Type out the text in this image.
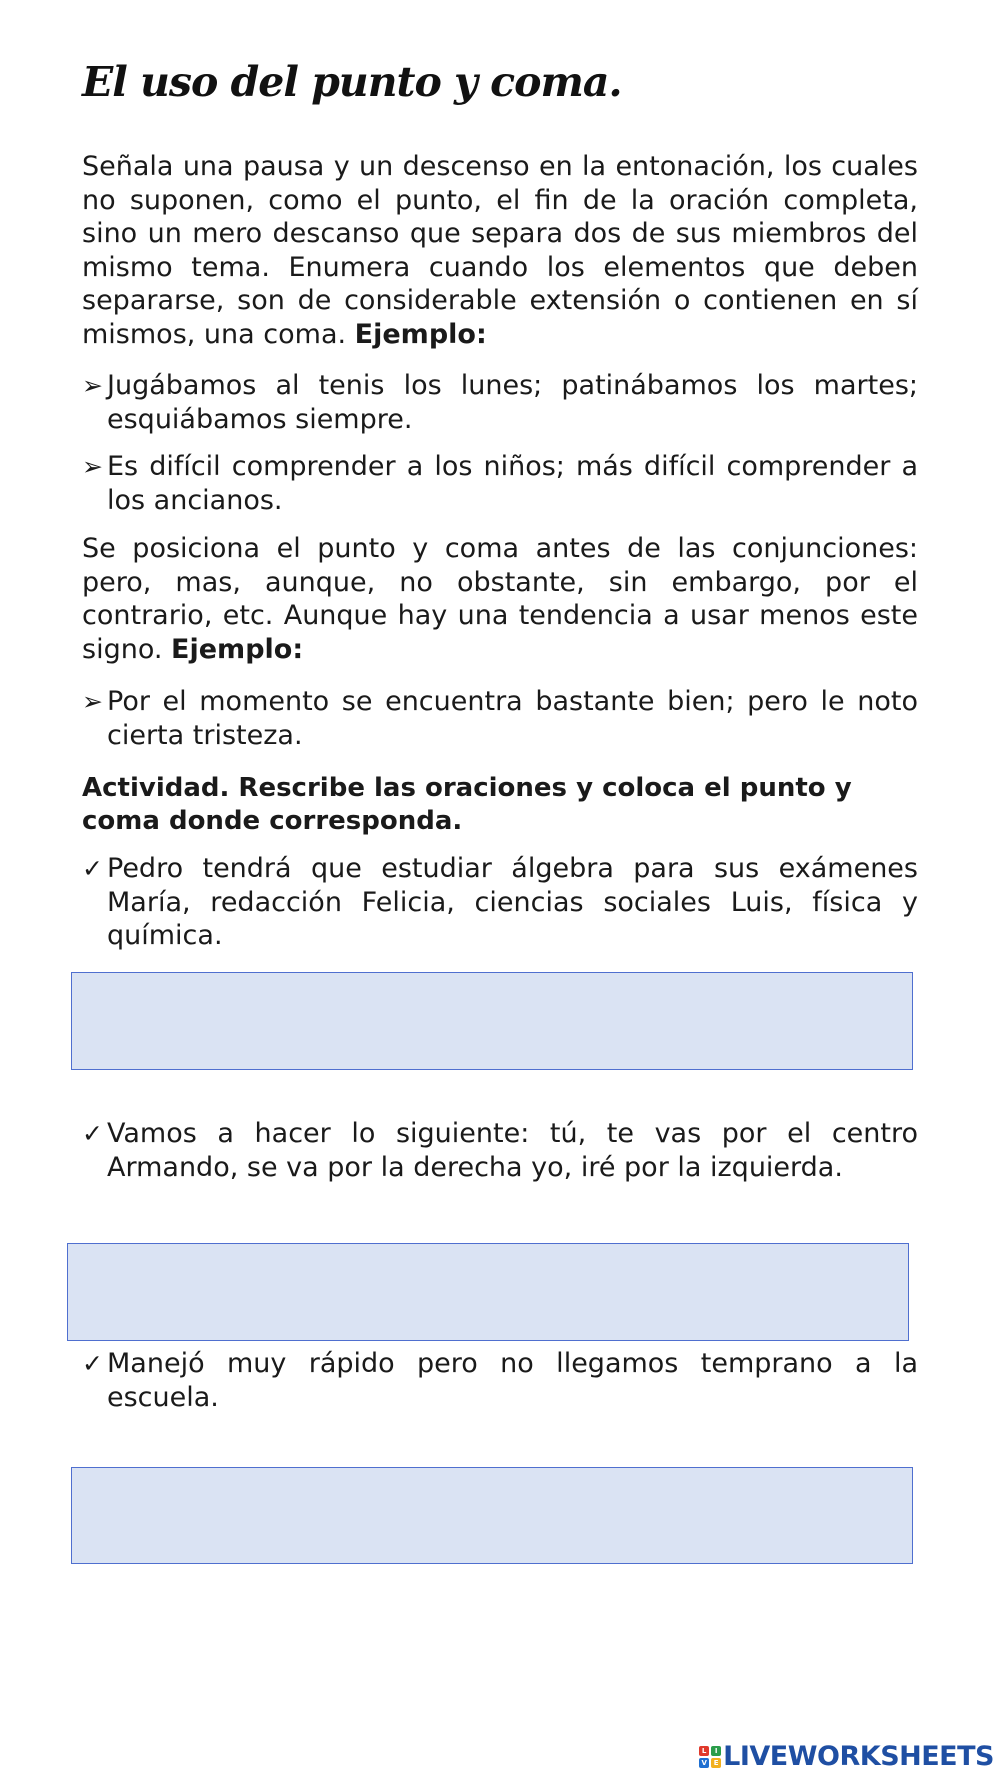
El uso del punto y coma.

Señala una pausa y un descenso en la entonación, los cuales no suponen, como el punto, el fin de la oración completa, sino un mero descanso que separa dos de sus miembros del mismo tema. Enumera cuando los elementos que deben separarse, son de considerable extensión o contienen en sí mismos, una coma. Ejemplo:

➢ Jugábamos al tenis los lunes; patinábamos los martes; esquiábamos siempre.

➢ Es difícil comprender a los niños; más difícil comprender a los ancianos.

Se posiciona el punto y coma antes de las conjunciones: pero, mas, aunque, no obstante, sin embargo, por el contrario, etc. Aunque hay una tendencia a usar menos este signo. Ejemplo:

➢ Por el momento se encuentra bastante bien; pero le noto cierta tristeza.

Actividad. Rescribe las oraciones y coloca el punto y coma donde corresponda.

✓ Pedro tendrá que estudiar álgebra para sus exámenes María, redacción Felicia, ciencias sociales Luis, física y química.

✓ Vamos a hacer lo siguiente: tú, te vas por el centro Armando, se va por la derecha yo, iré por la izquierda.

✓ Manejó muy rápido pero no llegamos temprano a la escuela.

L	I
V E LIVEWORKSHEETS
